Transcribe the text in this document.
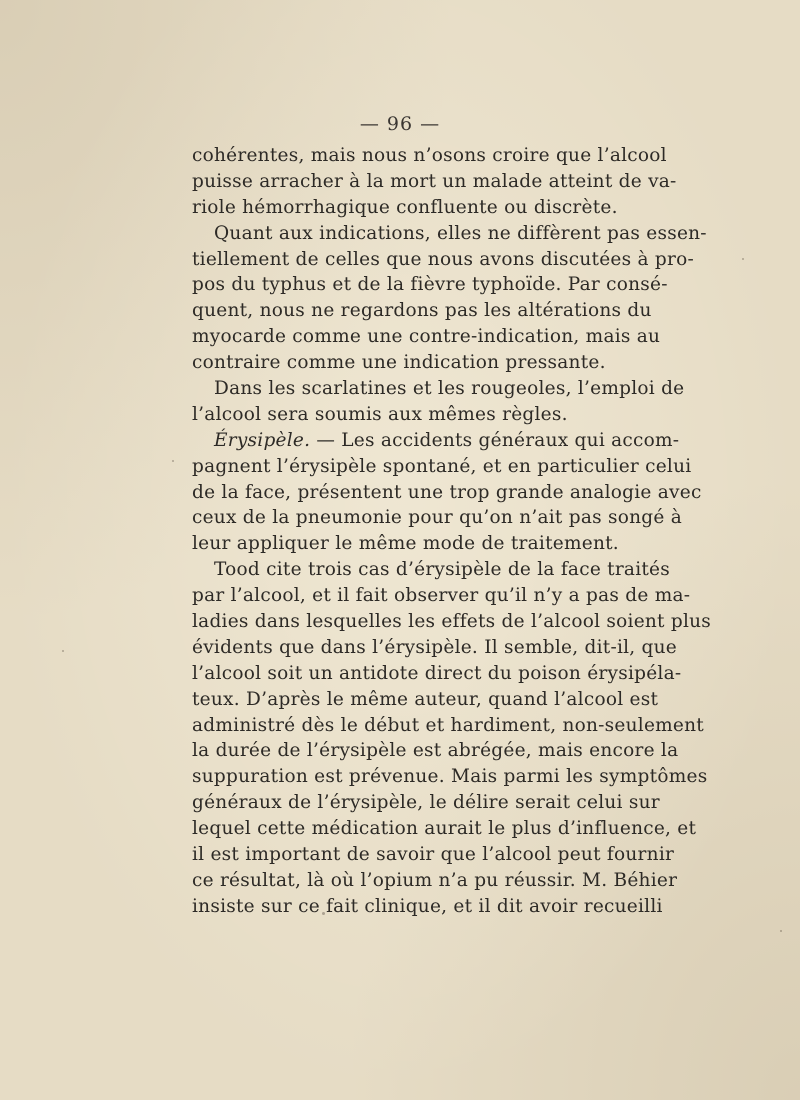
— 96 —
cohérentes, mais nous n’osons croire que l’alcool
puisse arracher à la mort un malade atteint de va-
riole hémorrhagique confluente ou discrète.
Quant aux indications, elles ne diffèrent pas essen-
tiellement de celles que nous avons discutées à pro-
pos du typhus et de la fièvre typhoïde. Par consé-
quent, nous ne regardons pas les altérations du
myocarde comme une contre-indication, mais au
contraire comme une indication pressante.
Dans les scarlatines et les rougeoles, l’emploi de
l’alcool sera soumis aux mêmes règles.
Érysipèle. — Les accidents généraux qui accom-
pagnent l’érysipèle spontané, et en particulier celui
de la face, présentent une trop grande analogie avec
ceux de la pneumonie pour qu’on n’ait pas songé à
leur appliquer le même mode de traitement.
Tood cite trois cas d’érysipèle de la face traités
par l’alcool, et il fait observer qu’il n’y a pas de ma-
ladies dans lesquelles les effets de l’alcool soient plus
évidents que dans l’érysipèle. Il semble, dit-il, que
l’alcool soit un antidote direct du poison érysipéla-
teux. D’après le même auteur, quand l’alcool est
administré dès le début et hardiment, non-seulement
la durée de l’érysipèle est abrégée, mais encore la
suppuration est prévenue. Mais parmi les symptômes
généraux de l’érysipèle, le délire serait celui sur
lequel cette médication aurait le plus d’influence, et
il est important de savoir que l’alcool peut fournir
ce résultat, là où l’opium n’a pu réussir. M. Béhier
insiste sur ce fait clinique, et il dit avoir recueilli
